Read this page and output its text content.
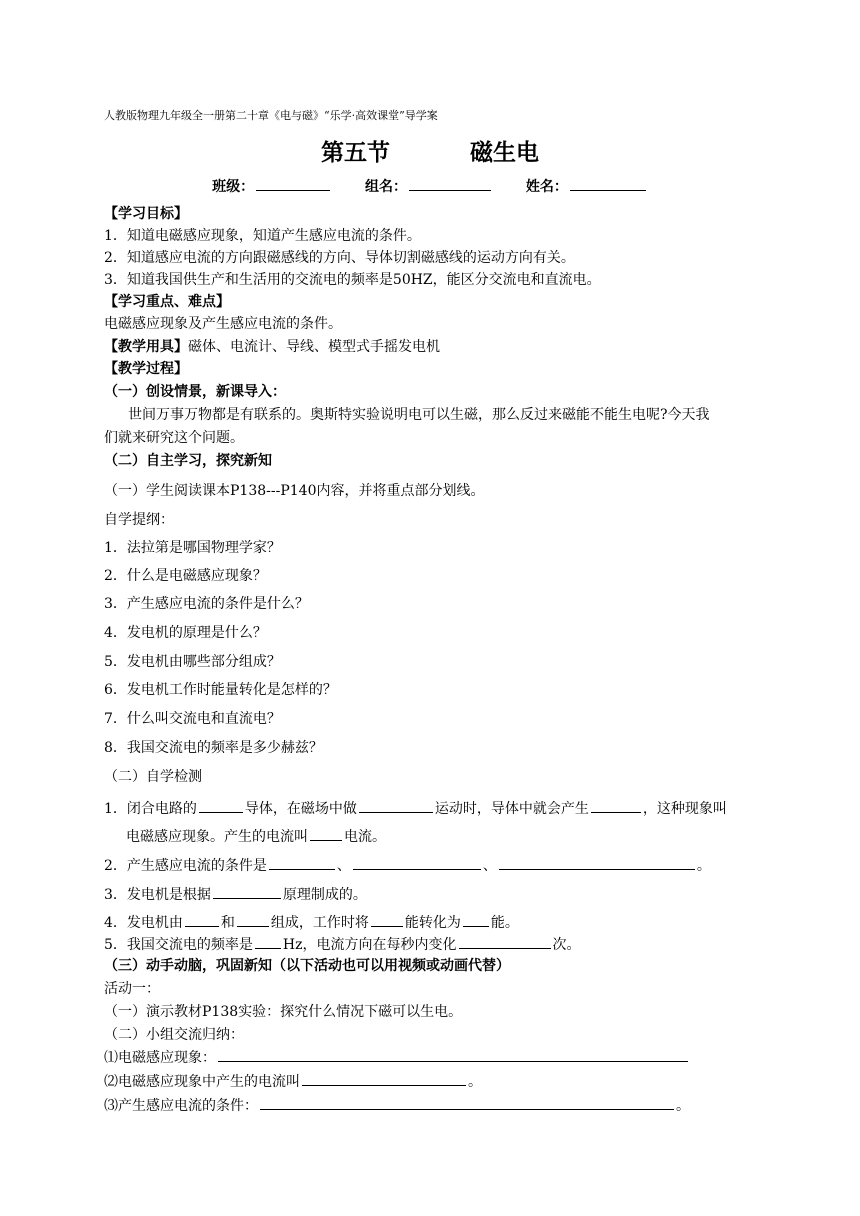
人教版物理九年级全一册第二十章《电与磁》“乐学·高效课堂”导学案
第五节	磁生电
班级：	组名：	姓名：
【学习目标】
1．知道电磁感应现象，知道产生感应电流的条件。
2．知道感应电流的方向跟磁感线的方向、导体切割磁感线的运动方向有关。
3．知道我国供生产和生活用的交流电的频率是50HZ，能区分交流电和直流电。
【学习重点、难点】
电磁感应现象及产生感应电流的条件。
【教学用具】磁体、电流计、导线、模型式手摇发电机
【教学过程】
（一）创设情景，新课导入：
世间万事万物都是有联系的。奥斯特实验说明电可以生磁，那么反过来磁能不能生电呢?今天我
们就来研究这个问题。
（二）自主学习，探究新知
（一）学生阅读课本P138---P140内容，并将重点部分划线。
自学提纲：
1．法拉第是哪国物理学家？
2．什么是电磁感应现象？
3．产生感应电流的条件是什么？
4．发电机的原理是什么？
5．发电机由哪些部分组成？
6．发电机工作时能量转化是怎样的？
7．什么叫交流电和直流电？
8．我国交流电的频率是多少赫兹？
（二）自学检测
1．闭合电路的	导体，在磁场中做	运动时，导体中就会产生	，这种现象叫
电磁感应现象。产生的电流叫	电流。
2．产生感应电流的条件是	、	、	。
3．发电机是根据	原理制成的。
4．发电机由	和	组成，工作时将	能转化为 能。
5．我国交流电的频率是 Hz，电流方向在每秒内变化	次。
（三）动手动脑，巩固新知（以下活动也可以用视频或动画代替）
活动一：
（一）演示教材P138实验：探究什么情况下磁可以生电。
（二）小组交流归纳：
⑴电磁感应现象：
⑵电磁感应现象中产生的电流叫	。
⑶产生感应电流的条件：	。
